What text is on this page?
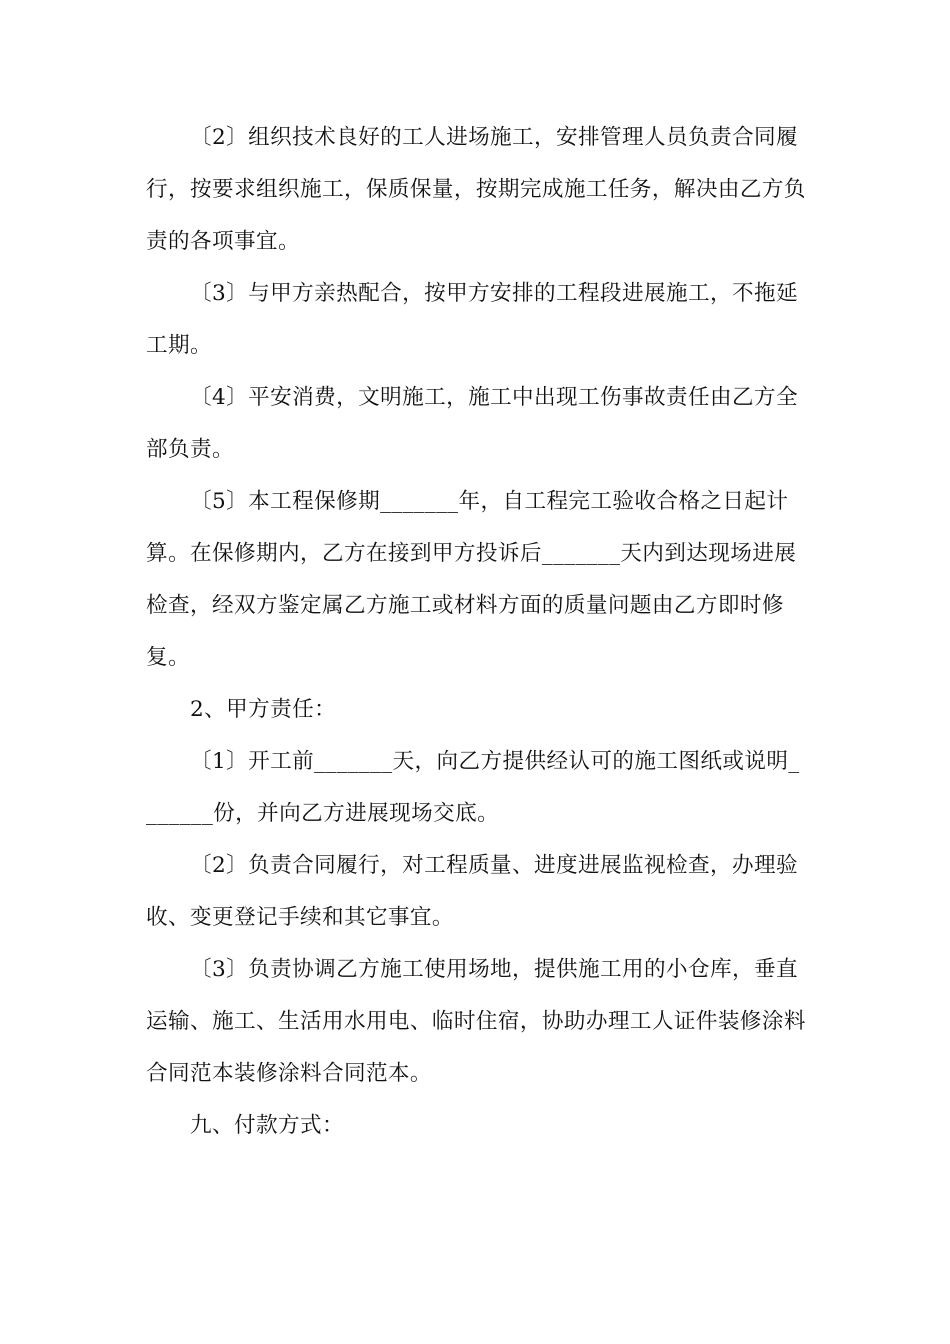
〔2〕组织技术良好的工人进场施工，安排管理人员负责合同履行，按要求组织施工，保质保量，按期完成施工任务，解决由乙方负责的各项事宜。

〔3〕与甲方亲热配合，按甲方安排的工程段进展施工，不拖延工期。

〔4〕平安消费，文明施工，施工中出现工伤事故责任由乙方全部负责。

〔5〕本工程保修期_______年，自工程完工验收合格之日起计算。在保修期内，乙方在接到甲方投诉后_______天内到达现场进展检查，经双方鉴定属乙方施工或材料方面的质量问题由乙方即时修复。

2、甲方责任：

〔1〕开工前_______天，向乙方提供经认可的施工图纸或说明_______份，并向乙方进展现场交底。

〔2〕负责合同履行，对工程质量、进度进展监视检查，办理验收、变更登记手续和其它事宜。

〔3〕负责协调乙方施工使用场地，提供施工用的小仓库，垂直运输、施工、生活用水用电、临时住宿，协助办理工人证件装修涂料合同范本装修涂料合同范本。

九、付款方式：
